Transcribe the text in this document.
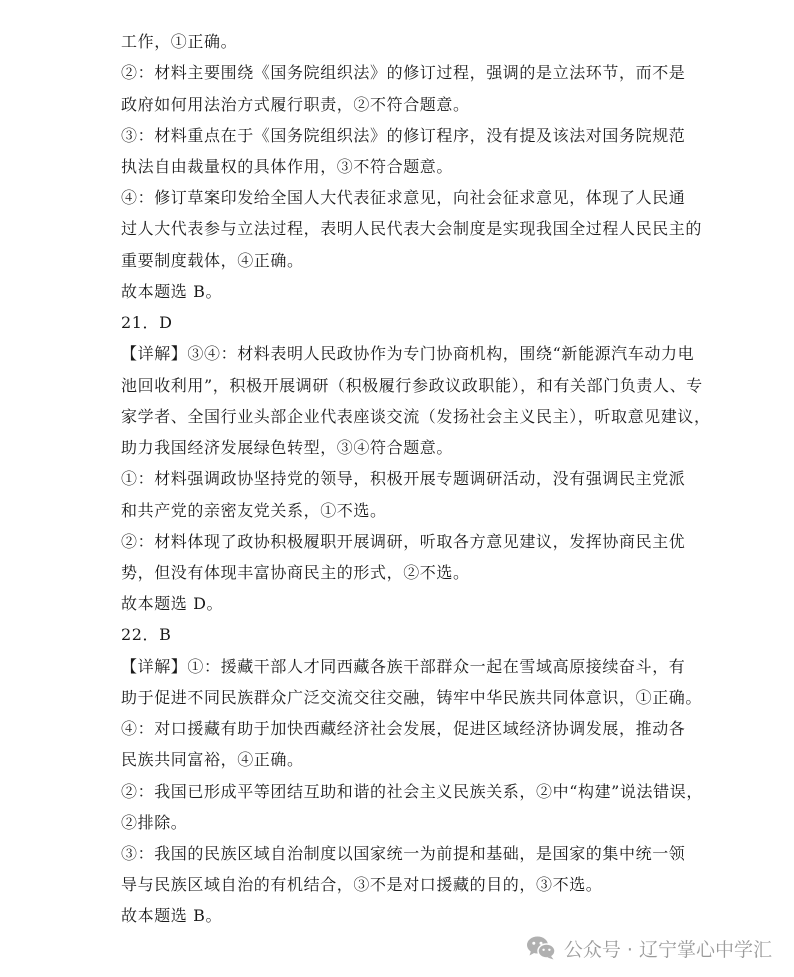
工作，①正确。
②：材料主要围绕《国务院组织法》的修订过程，强调的是立法环节，而不是
政府如何用法治方式履行职责，②不符合题意。
③：材料重点在于《国务院组织法》的修订程序，没有提及该法对国务院规范
执法自由裁量权的具体作用，③不符合题意。
④：修订草案印发给全国人大代表征求意见，向社会征求意见，体现了人民通
过人大代表参与立法过程，表明人民代表大会制度是实现我国全过程人民民主的
重要制度载体，④正确。
故本题选 B。
21．D
【详解】③④：材料表明人民政协作为专门协商机构，围绕“新能源汽车动力电
池回收利用”，积极开展调研（积极履行参政议政职能），和有关部门负责人、专
家学者、全国行业头部企业代表座谈交流（发扬社会主义民主），听取意见建议，
助力我国经济发展绿色转型，③④符合题意。
①：材料强调政协坚持党的领导，积极开展专题调研活动，没有强调民主党派
和共产党的亲密友党关系，①不选。
②：材料体现了政协积极履职开展调研，听取各方意见建议，发挥协商民主优
势，但没有体现丰富协商民主的形式，②不选。
故本题选 D。
22．B
【详解】①：援藏干部人才同西藏各族干部群众一起在雪域高原接续奋斗，有
助于促进不同民族群众广泛交流交往交融，铸牢中华民族共同体意识，①正确。
④：对口援藏有助于加快西藏经济社会发展，促进区域经济协调发展，推动各
民族共同富裕，④正确。
②：我国已形成平等团结互助和谐的社会主义民族关系，②中“构建”说法错误，
②排除。
③：我国的民族区域自治制度以国家统一为前提和基础，是国家的集中统一领
导与民族区域自治的有机结合，③不是对口援藏的目的，③不选。
故本题选 B。
公众号 · 辽宁掌心中学汇
